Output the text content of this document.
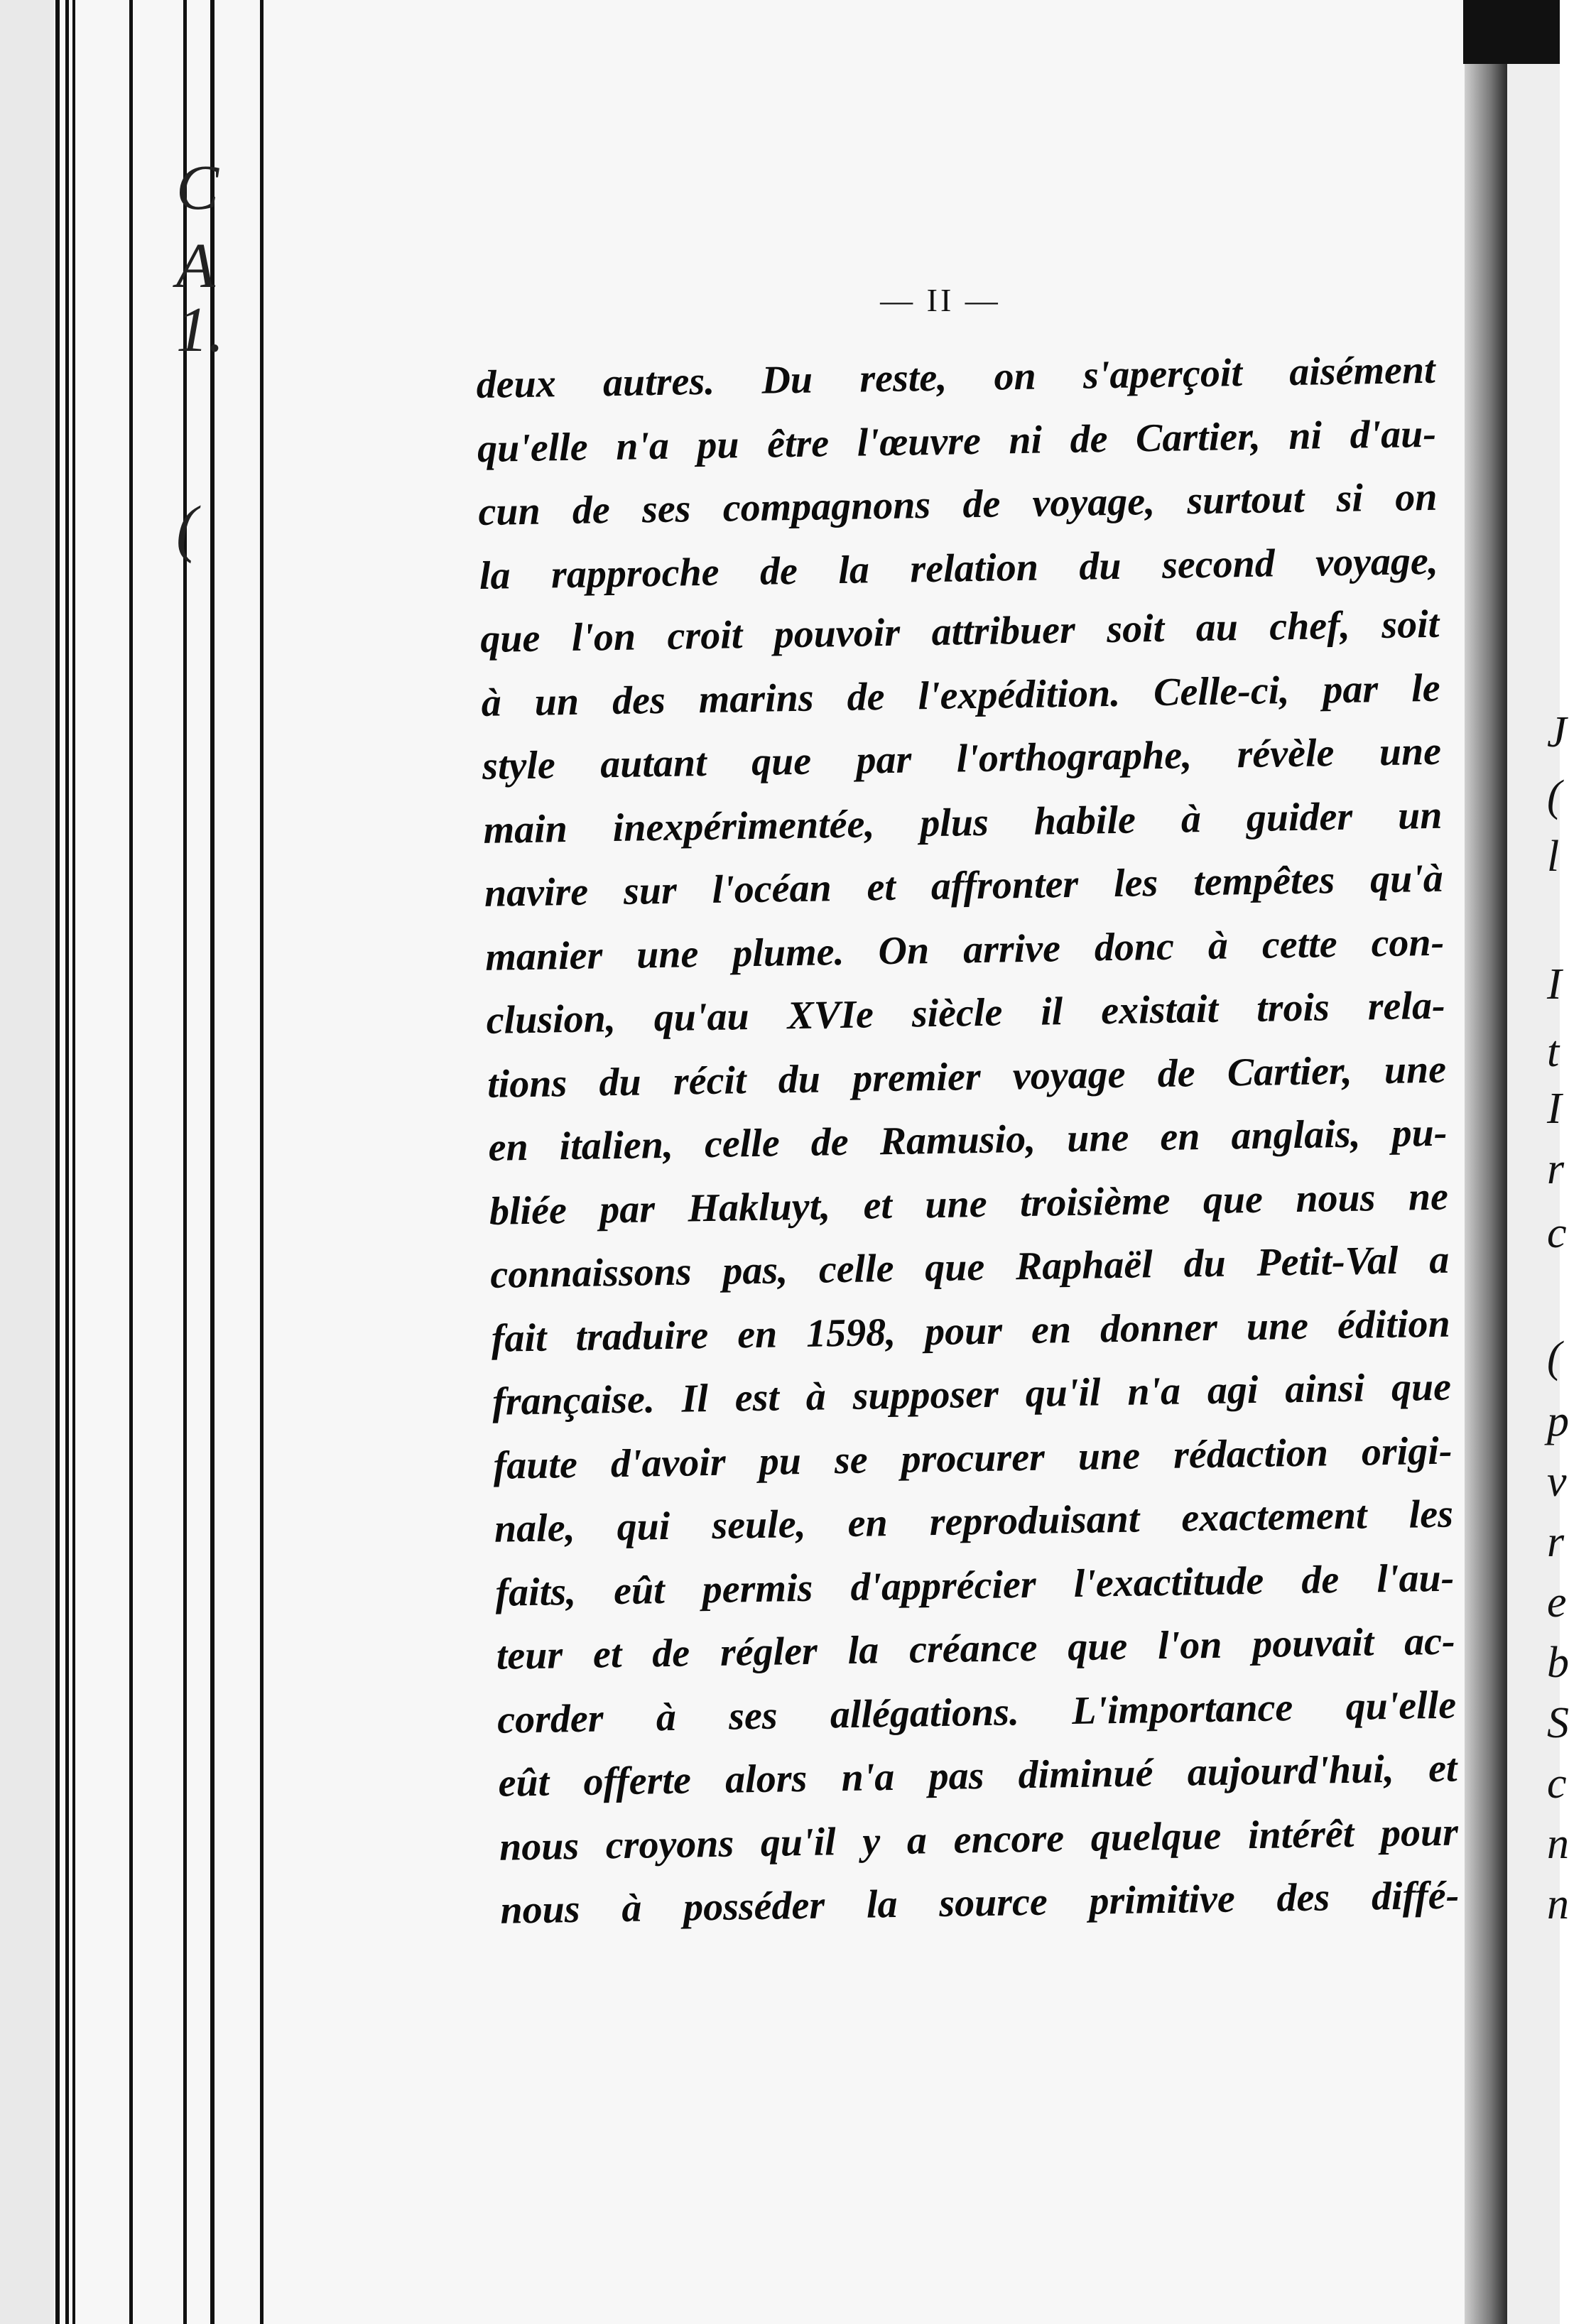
C
A
1.
(
J
(
l
I
t
I
r
c
(
p
v
r
e
b
S
c
n
n
— II —
deux autres. Du reste, on s'aperçoit aisément
qu'elle n'a pu être l'œuvre ni de Cartier, ni d'au-
cun de ses compagnons de voyage, surtout si on
la rapproche de la relation du second voyage,
que l'on croit pouvoir attribuer soit au chef, soit
à un des marins de l'expédition. Celle-ci, par le
style autant que par l'orthographe, révèle une
main inexpérimentée, plus habile à guider un
navire sur l'océan et affronter les tempêtes qu'à
manier une plume. On arrive donc à cette con-
clusion, qu'au XVIe siècle il existait trois rela-
tions du récit du premier voyage de Cartier, une
en italien, celle de Ramusio, une en anglais, pu-
bliée par Hakluyt, et une troisième que nous ne
connaissons pas, celle que Raphaël du Petit-Val a
fait traduire en 1598, pour en donner une édition
française. Il est à supposer qu'il n'a agi ainsi que
faute d'avoir pu se procurer une rédaction origi-
nale, qui seule, en reproduisant exactement les
faits, eût permis d'apprécier l'exactitude de l'au-
teur et de régler la créance que l'on pouvait ac-
corder à ses allégations. L'importance qu'elle
eût offerte alors n'a pas diminué aujourd'hui, et
nous croyons qu'il y a encore quelque intérêt pour
nous à posséder la source primitive des diffé-
